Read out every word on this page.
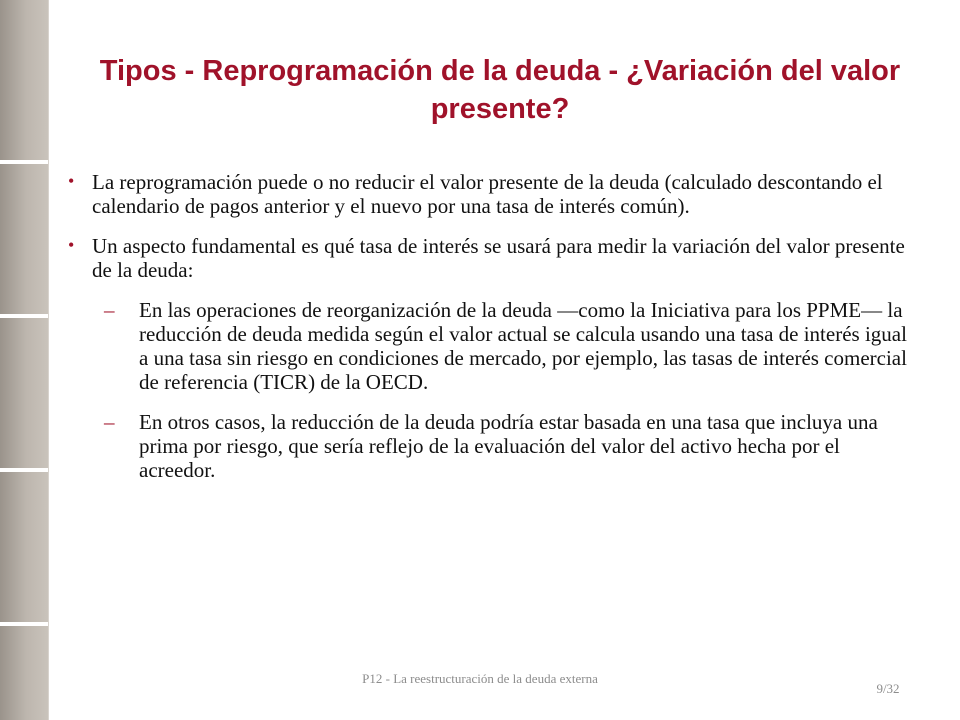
Tipos - Reprogramación de la deuda - ¿Variación del valor presente?
• La reprogramación puede o no reducir el valor presente de la deuda (calculado descontando el calendario de pagos anterior y el nuevo por una tasa de interés común).
• Un aspecto fundamental es qué tasa de interés se usará para medir la variación del valor presente de la deuda:
– En las operaciones de reorganización de la deuda —como la Iniciativa para los PPME— la reducción de deuda medida según el valor actual se calcula usando una tasa de interés igual a una tasa sin riesgo en condiciones de mercado, por ejemplo, las tasas de interés comercial de referencia (TICR) de la OECD.
– En otros casos, la reducción de la deuda podría estar basada en una tasa que incluya una prima por riesgo, que sería reflejo de la evaluación del valor del activo hecha por el acreedor.
P12 - La reestructuración de la deuda externa
9/32
